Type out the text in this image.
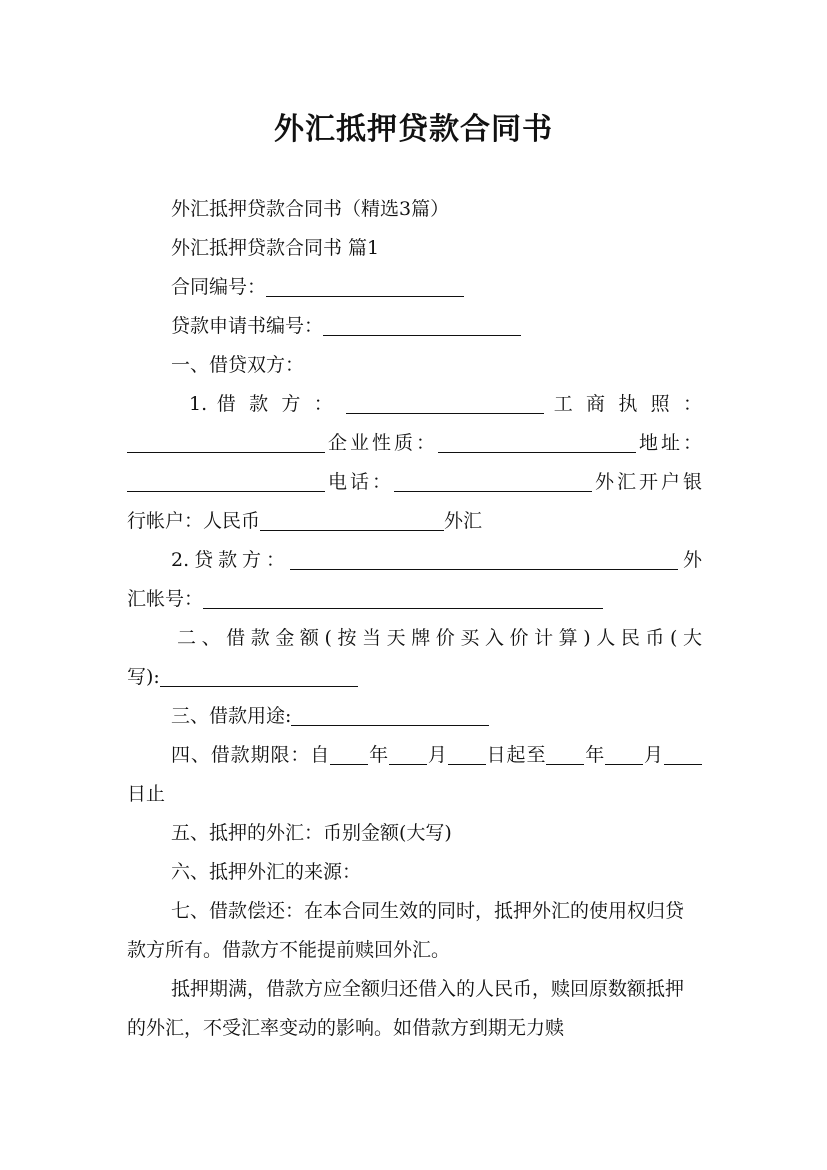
外汇抵押贷款合同书

外汇抵押贷款合同书（精选3篇）

外汇抵押贷款合同书 篇1

合同编号：

贷款申请书编号：

一、借贷双方：

1. 借 款 方 ：	工 商 执 照 ：

企业性质：	地址：

电话：	外汇开户银

行帐户：人民币	外汇

2.贷款方：	外

汇帐号：

二、借款金额(按当天牌价买入价计算)人民币(大

写):

三、借款用途:

四、借款期限：自 年 月 日起至 年 月

日止

五、抵押的外汇：币别金额(大写)

六、抵押外汇的来源：

七、借款偿还：在本合同生效的同时，抵押外汇的使用权归贷款方所有。借款方不能提前赎回外汇。

抵押期满，借款方应全额归还借入的人民币，赎回原数额抵押的外汇，不受汇率变动的影响。如借款方到期无力赎
